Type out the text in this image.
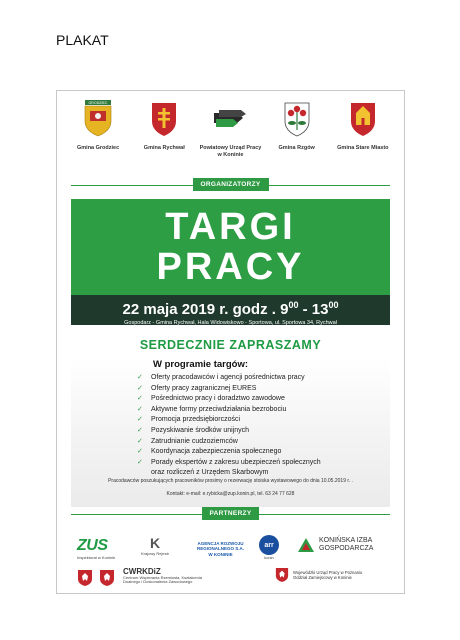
PLAKAT
GRODZIEC
Gmina Grodziec	Gmina Rychwał	Powiatowy Urząd Pracy w Koninie
Gmina Rzgów	Gmina Stare Miasto
ORGANIZATORZY
TARGI
PRACY
22 maja 2019 r. godz . $9^{00} - 13^{00}$
Gospodarz - Gmina Rychwał, Hala Widowiskowo - Sportowa, ul. Sportowa 34, Rychwał
SERDECZNIE ZAPRASZAMY
W programie targów:
✓ Oferty pracodawców i agencji pośrednictwa pracy
✓ Oferty pracy zagranicznej EURES
✓ Pośrednictwo pracy i doradztwo zawodowe
✓ Aktywne formy przeciwdziałania bezrobociu
✓ Promocja przedsiębiorczości
✓ Pozyskiwanie środków unijnych
✓ Zatrudnianie cudzoziemców
✓ Koordynacja zabezpieczenia społecznego
✓ Porady ekspertów z zakresu ubezpieczeń społecznych
oraz rozliczeń z Urzędem Skarbowym
Pracodawców poszukujących pracowników prosimy o rezerwację stoiska wystawowego do dnia 10.05.2019 r. .
Kontakt: e-mail: e.rybicka@zup.konin.pl, tel. 63 24 77 628
PARTNERZY
ZUS
Inspektorat w Koninie
K
Krajowy Rejestr
AGENCJA ROZWOJU
REGIONALNEGO S.A.
W KONINIE
arr
konin
KONIŃSKA IZBA
GOSPODARCZA
CWRKDiZ
Centrum Wspierania Rzemiosła, Kształcenia Dualnego i Doskonalenia Zawodowego
Wojewódzki Urząd Pracy w Poznaniu
Oddział Zamiejscowy w Koninie
